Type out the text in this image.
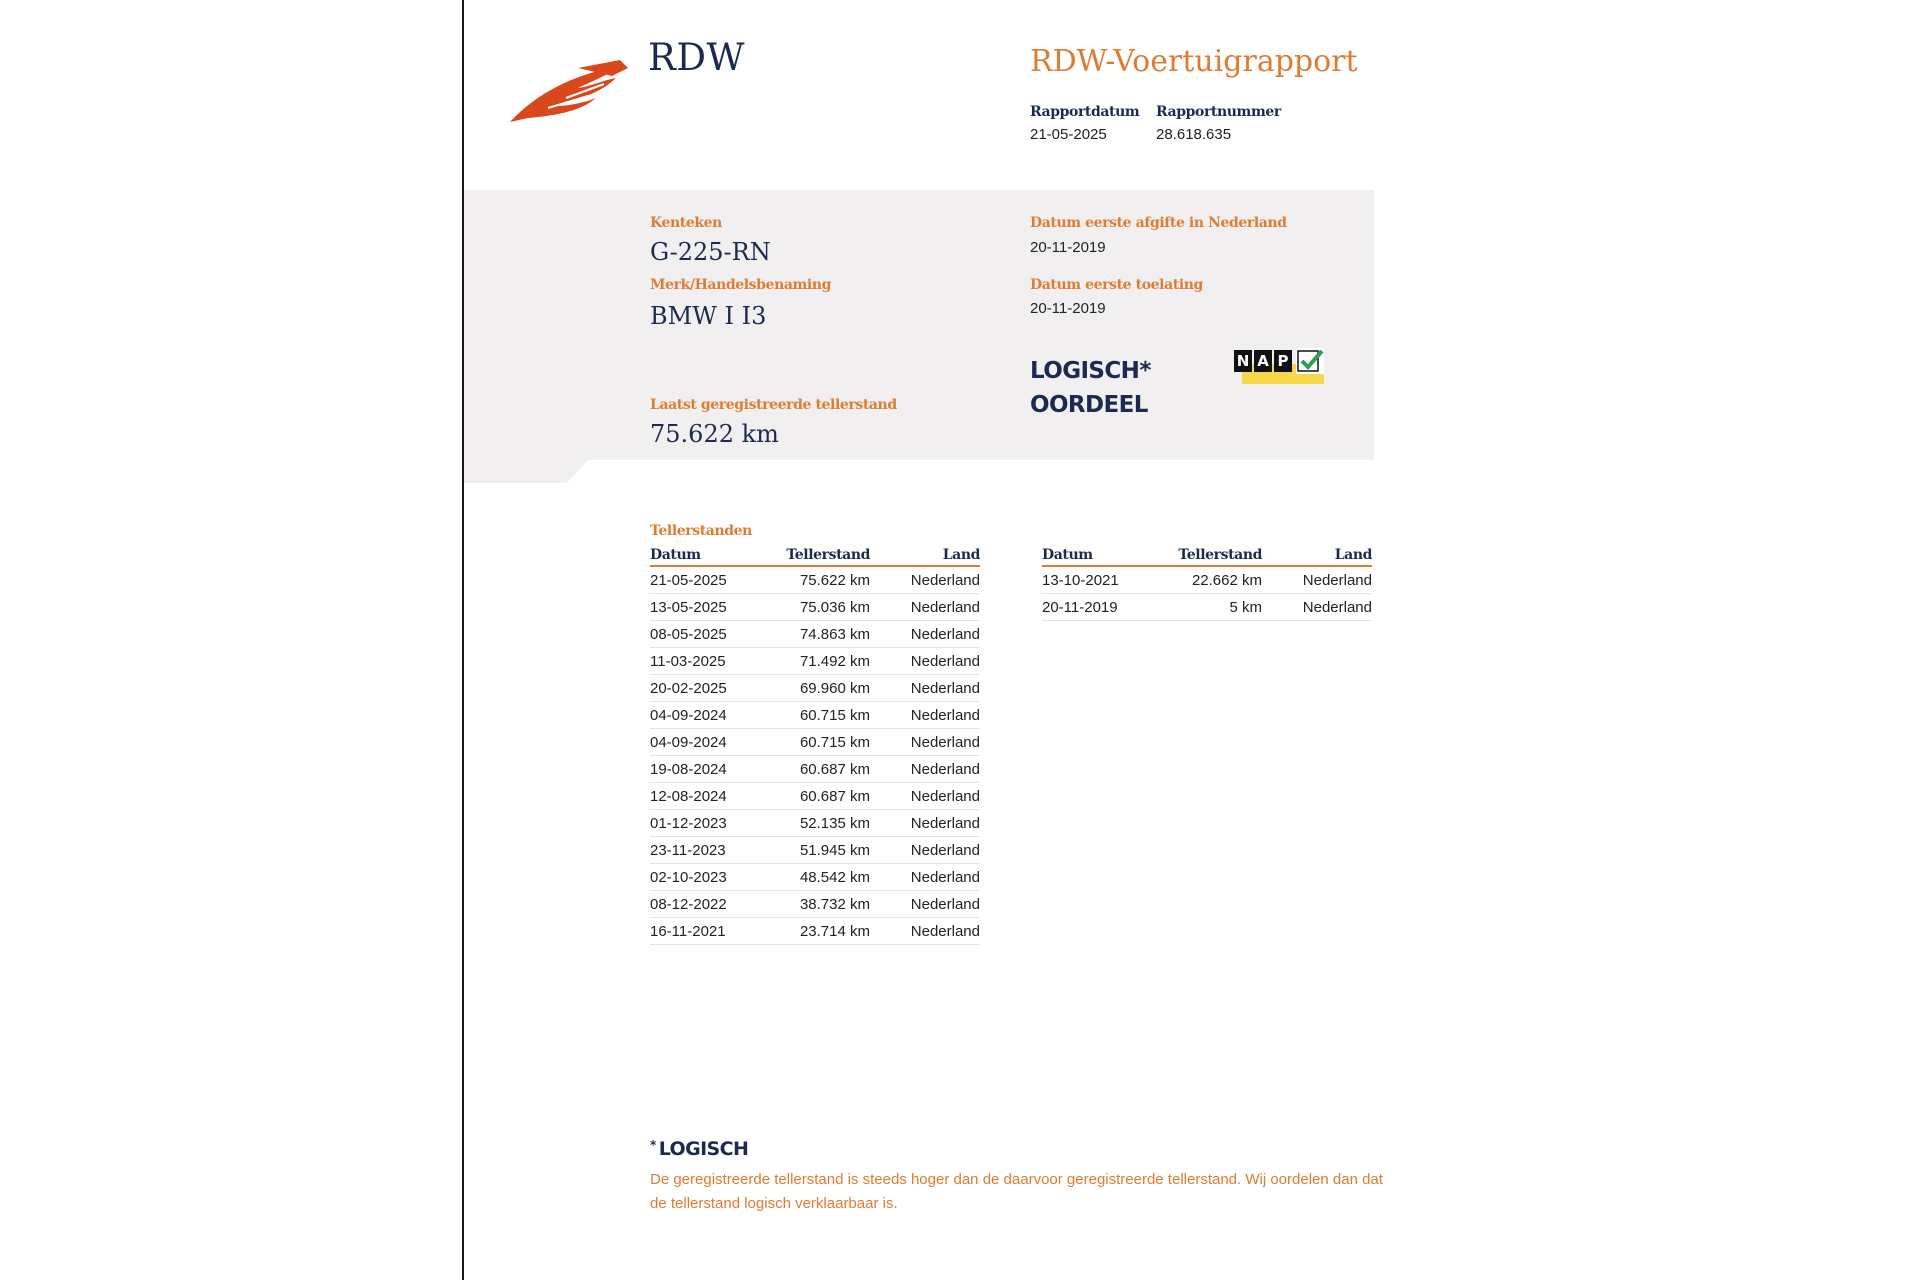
RDW	RDW-Voertuigrapport
Rapportdatum
21-05-2025
Rapportnummer
28.618.635
Kenteken
G-225-RN
Merk/Handelsbenaming
BMW I I3
Laatst geregistreerde tellerstand
75.622 km
Datum eerste afgifte in Nederland
20-11-2019
Datum eerste toelating
20-11-2019
LOGISCH*
OORDEEL
N A P
Tellerstanden
Datum	Tellerstand	Land
21-05-2025	75.622 km	Nederland
13-05-2025	75.036 km	Nederland
08-05-2025	74.863 km	Nederland
11-03-2025	71.492 km	Nederland
20-02-2025	69.960 km	Nederland
04-09-2024	60.715 km	Nederland
04-09-2024	60.715 km	Nederland
19-08-2024	60.687 km	Nederland
12-08-2024	60.687 km	Nederland
01-12-2023	52.135 km	Nederland
23-11-2023	51.945 km	Nederland
02-10-2023	48.542 km	Nederland
08-12-2022	38.732 km	Nederland
16-11-2021	23.714 km	Nederland
Datum	Tellerstand	Land
13-10-2021	22.662 km	Nederland
20-11-2019	5 km	Nederland
* LOGISCH
De geregistreerde tellerstand is steeds hoger dan de daarvoor geregistreerde tellerstand. Wij oordelen dan dat de tellerstand logisch verklaarbaar is.
